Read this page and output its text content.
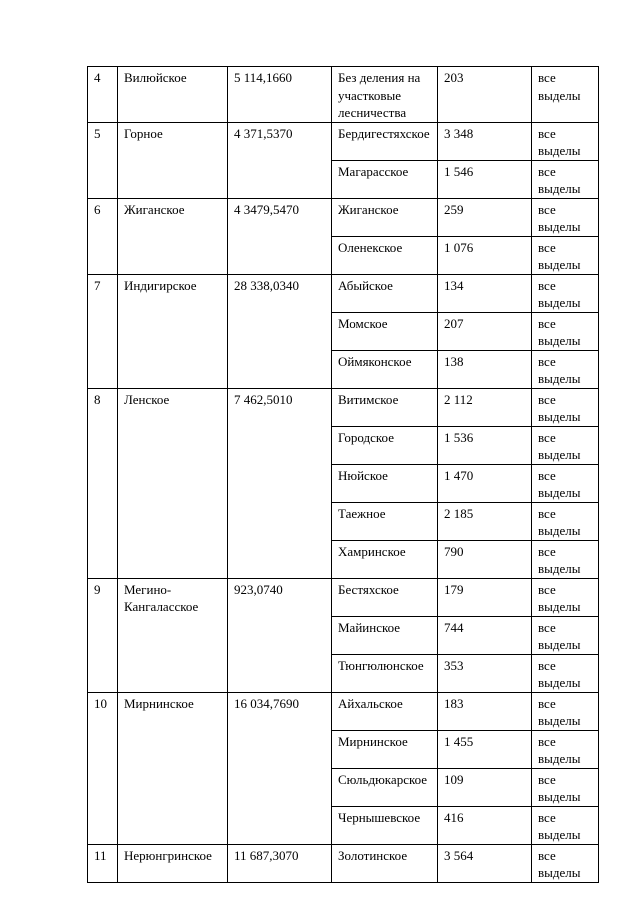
4	Вилюйское	5 114,1660	Без деления на участковые лесничества	203	все выделы
5	Горное	4 371,5370	Бердигестяхское	3 348	все выделы
			Магарасское	1 546	все выделы
6	Жиганское	4 3479,5470	Жиганское	259	все выделы
			Оленекское	1 076	все выделы
7	Индигирское	28 338,0340	Абыйское	134	все выделы
			Момское	207	все выделы
			Оймяконское	138	все выделы
8	Ленское	7 462,5010	Витимское	2 112	все выделы
			Городское	1 536	все выделы
			Нюйское	1 470	все выделы
			Таежное	2 185	все выделы
			Хамринское	790	все выделы
9	Мегино-Кангаласское	923,0740	Бестяхское	179	все выделы
			Майинское	744	все выделы
			Тюнгюлюнское	353	все выделы
10	Мирнинское	16 034,7690	Айхальское	183	все выделы
			Мирнинское	1 455	все выделы
			Сюльдюкарское	109	все выделы
			Чернышевское	416	все выделы
11	Нерюнгринское	11 687,3070	Золотинское	3 564	все выделы
